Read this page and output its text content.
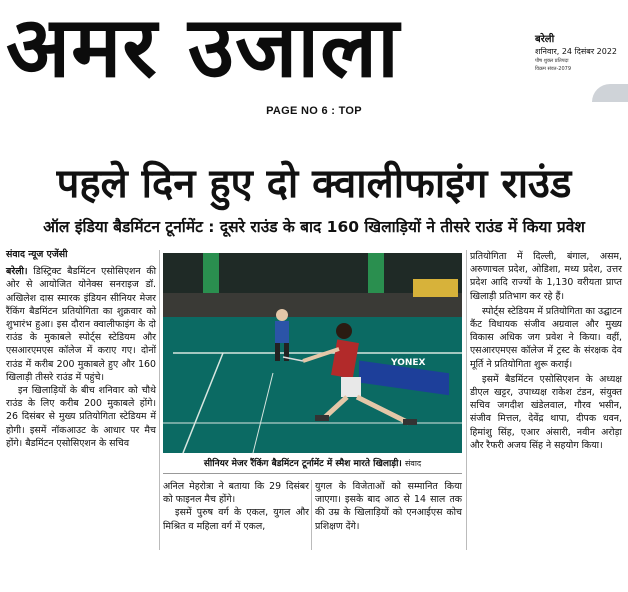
अमर उजाला	बरेली
शनिवार, 24 दिसंबर 2022
पौष शुक्ल प्रतिपदा
विक्रम संवत-2079
PAGE NO 6 : TOP
पहले दिन हुए दो क्वालीफाइंग राउंड
ऑल इंडिया बैडमिंटन टूर्नामेंट : दूसरे राउंड के बाद 160 खिलाड़ियों ने तीसरे राउंड में किया प्रवेश
संवाद न्यूज एजेंसी

बरेली। डिस्ट्रिक्ट बैडमिंटन एसोसिएशन की ओर से आयोजित योनेक्स सनराइज डॉ. अखिलेश दास स्मारक इंडियन सीनियर मेजर रैंकिंग बैडमिंटन प्रतियोगिता का शुक्रवार को शुभारंभ हुआ। इस दौरान क्वालीफाइंग के दो राउंड के मुकाबले स्पोर्ट्स स्टेडियम और एसआरएमएस कॉलेज में कराए गए। दोनों राउंड में करीब 200 मुकाबले हुए और 160 खिलाड़ी तीसरे राउंड में पहुंचे।

इन खिलाड़ियों के बीच शनिवार को चौथे राउंड के लिए करीब 200 मुकाबले होंगे। 26 दिसंबर से मुख्य प्रतियोगिता स्टेडियम में होगी। इसमें नॉकआउट के आधार पर मैच होंगे। बैडमिंटन एसोसिएशन के सचिव

YONEX
सीनियर मेजर रैंकिंग बैडमिंटन टूर्नामेंट में स्मैश मारते खिलाड़ी। संवाद

अनिल मेहरोत्रा ने बताया कि 29 दिसंबर को फाइनल मैच होंगे।

इसमें पुरुष वर्ग के एकल, युगल और मिश्रित व महिला वर्ग में एकल,

युगल के विजेताओं को सम्मानित किया जाएगा। इसके बाद आठ से 14 साल तक की उम्र के खिलाड़ियों को एनआईएस कोच प्रशिक्षण देंगे।

प्रतियोगिता में दिल्ली, बंगाल, असम, अरुणाचल प्रदेश, ओडिशा, मध्य प्रदेश, उत्तर प्रदेश आदि राज्यों के 1,130 वरीयता प्राप्त खिलाड़ी प्रतिभाग कर रहे हैं।

स्पोर्ट्स स्टेडियम में प्रतियोगिता का उद्घाटन कैंट विधायक संजीव अग्रवाल और मुख्य विकास अधिक जग प्रवेश ने किया। वहीं, एसआरएमएस कॉलेज में ट्रस्ट के संरक्षक देव मूर्ति ने प्रतियोगिता शुरू कराई।

इसमें बैडमिंटन एसोसिएशन के अध्यक्ष डीएल खट्टर, उपाध्यक्ष राकेश टंडन, संयुक्त सचिव जगदीश खंडेलवाल, गौरव भसीन, संजीव मित्तल, देवेंद्र थापा, दीपक धवन, हिमांशु सिंह, एआर अंसारी, नवीन अरोड़ा और रैफरी अजय सिंह ने सहयोग किया।
